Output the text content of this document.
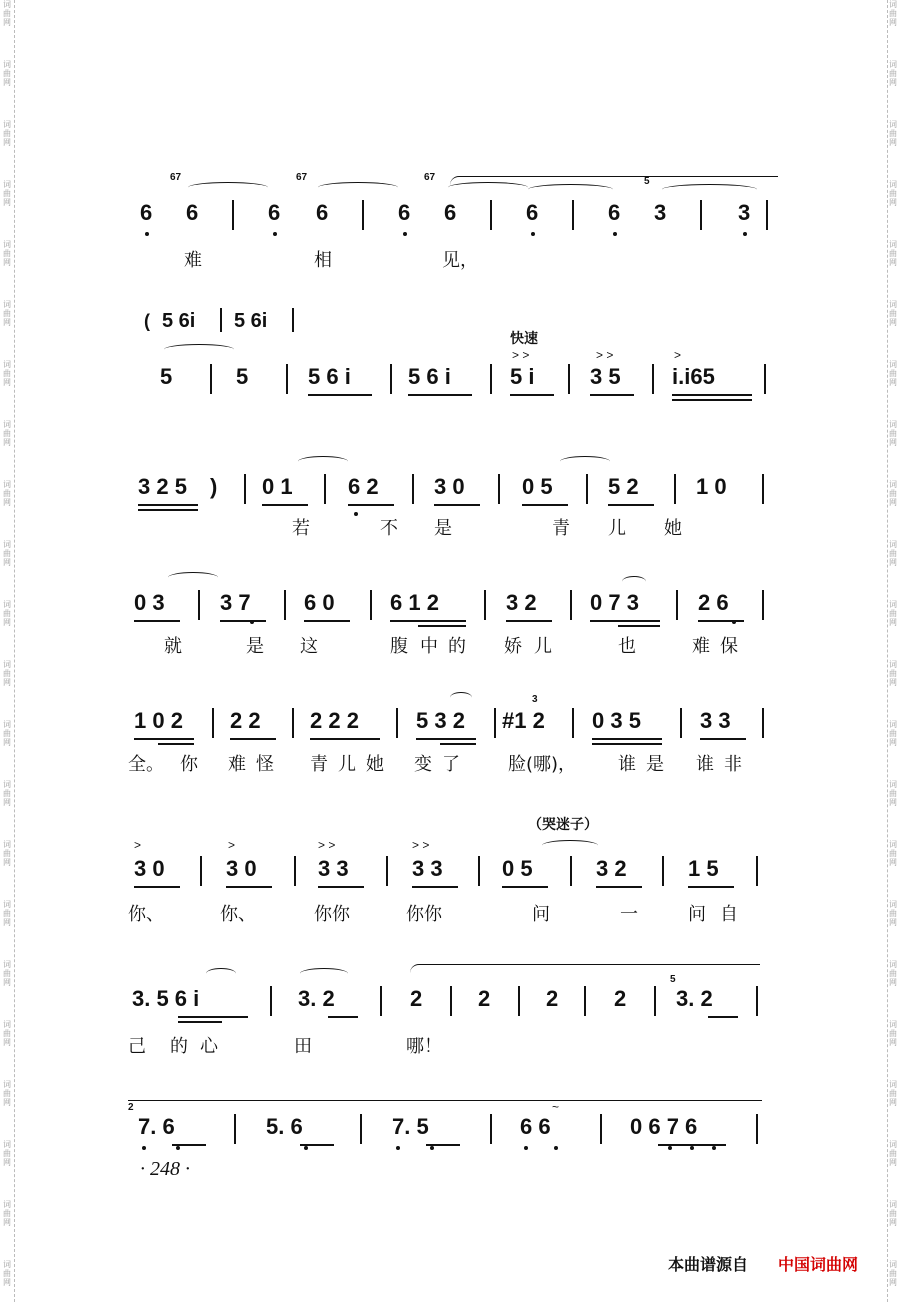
词
曲
网
词
曲
网
词
曲
网
词
曲
网
词
曲
网
词
曲
网
词
曲
网
词
曲
网
词
曲
网
词
曲
网
词
曲
网
词
曲
网
词
曲
网
词
曲
网
词
曲
网
词
曲
网
词
曲
网
词
曲
网
词
曲
网
词
曲
网
词
曲
网
词
曲
网
词
曲
网
词
曲
网
词
曲
网
词
曲
网
词
曲
网
词
曲
网
词
曲
网
词
曲
网
词
曲
网
词
曲
网
词
曲
网
词
曲
网
词
曲
网
词
曲
网
词
曲
网
词
曲
网
词
曲
网
词
曲
网
词
曲
网
词
曲
网
词
曲
网
词
曲
网
67	67	67	5
6 6	6 6	6 6	6	6 3	3
难	相	见，
( 5 6i 5 6i
快速
> >	> >	>
5	5	5 6 i	5 6 i	5 i	3 5 i.i65
3 2 5 ) 0 1	6 2	3 0	0 5	5 2	1 0
若	不 是	青 儿 她
0 3	3 7 6 0	6 1 2	3 2 0 7 3	2 6
就	是 这	腹 中 的 娇 儿	也	难 保
3
1 0 2 2 2 2 2 2	5 3 2 #1 2 0 3 5	3 3
全。 你 难 怪 青 儿 她 变 了	脸(哪)， 谁 是 谁 非
（哭迷子）
>	>	> >	> >
3 0	3 0	3 3	3 3	0 5	3 2	1 5
你、	你、	你你	你你	问	一	问 自
5
3. 5 6 i	3. 2	2	2	2	2 3. 2
己 的 心	田	哪！
2	~
7. 6	5. 6	7. 5	6 6	0 6 7 6
· 248 ·
本曲谱源自 中国词曲网
